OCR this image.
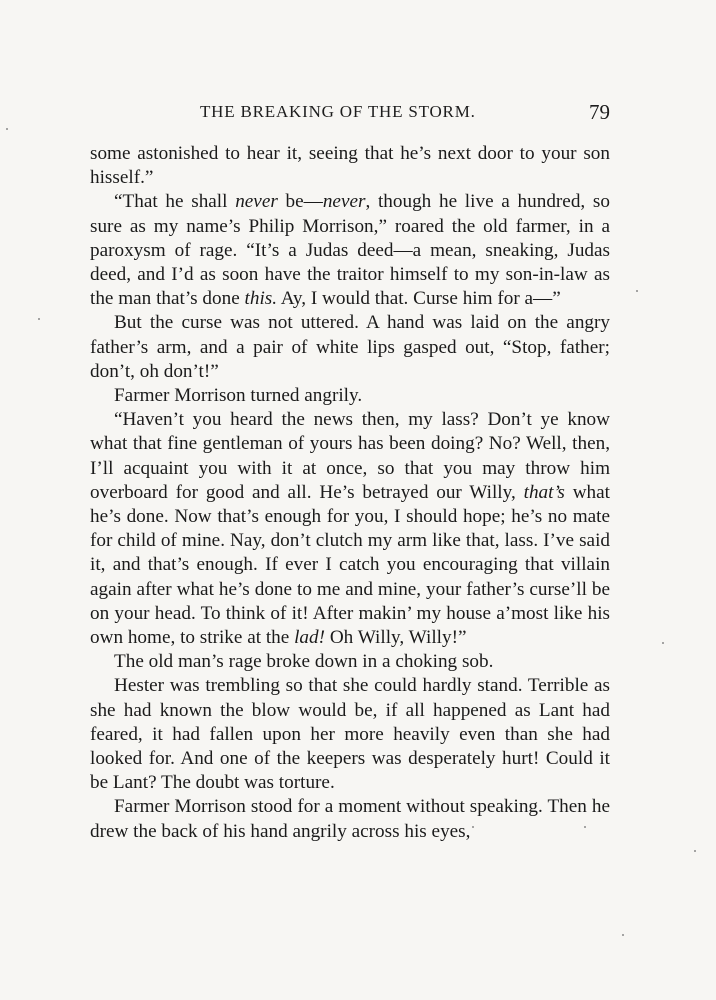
THE BREAKING OF THE STORM.	79

some astonished to hear it, seeing that he’s next door to your son hisself.”

“That he shall never be—never, though he live a hundred, so sure as my name’s Philip Morrison,” roared the old farmer, in a paroxysm of rage. “It’s a Judas deed—a mean, sneaking, Judas deed, and I’d as soon have the traitor himself to my son-in-law as the man that’s done this. Ay, I would that. Curse him for a—”

But the curse was not uttered. A hand was laid on the angry father’s arm, and a pair of white lips gasped out, “Stop, father; don’t, oh don’t!”

Farmer Morrison turned angrily.

“Haven’t you heard the news then, my lass? Don’t ye know what that fine gentleman of yours has been doing? No? Well, then, I’ll acquaint you with it at once, so that you may throw him overboard for good and all. He’s betrayed our Willy, that’s what he’s done. Now that’s enough for you, I should hope; he’s no mate for child of mine. Nay, don’t clutch my arm like that, lass. I’ve said it, and that’s enough. If ever I catch you encouraging that villain again after what he’s done to me and mine, your father’s curse’ll be on your head. To think of it! After makin’ my house a’most like his own home, to strike at the lad! Oh Willy, Willy!”

The old man’s rage broke down in a choking sob.

Hester was trembling so that she could hardly stand. Terrible as she had known the blow would be, if all happened as Lant had feared, it had fallen upon her more heavily even than she had looked for. And one of the keepers was desperately hurt! Could it be Lant? The doubt was torture.

Farmer Morrison stood for a moment without speaking. Then he drew the back of his hand angrily across his eyes,
